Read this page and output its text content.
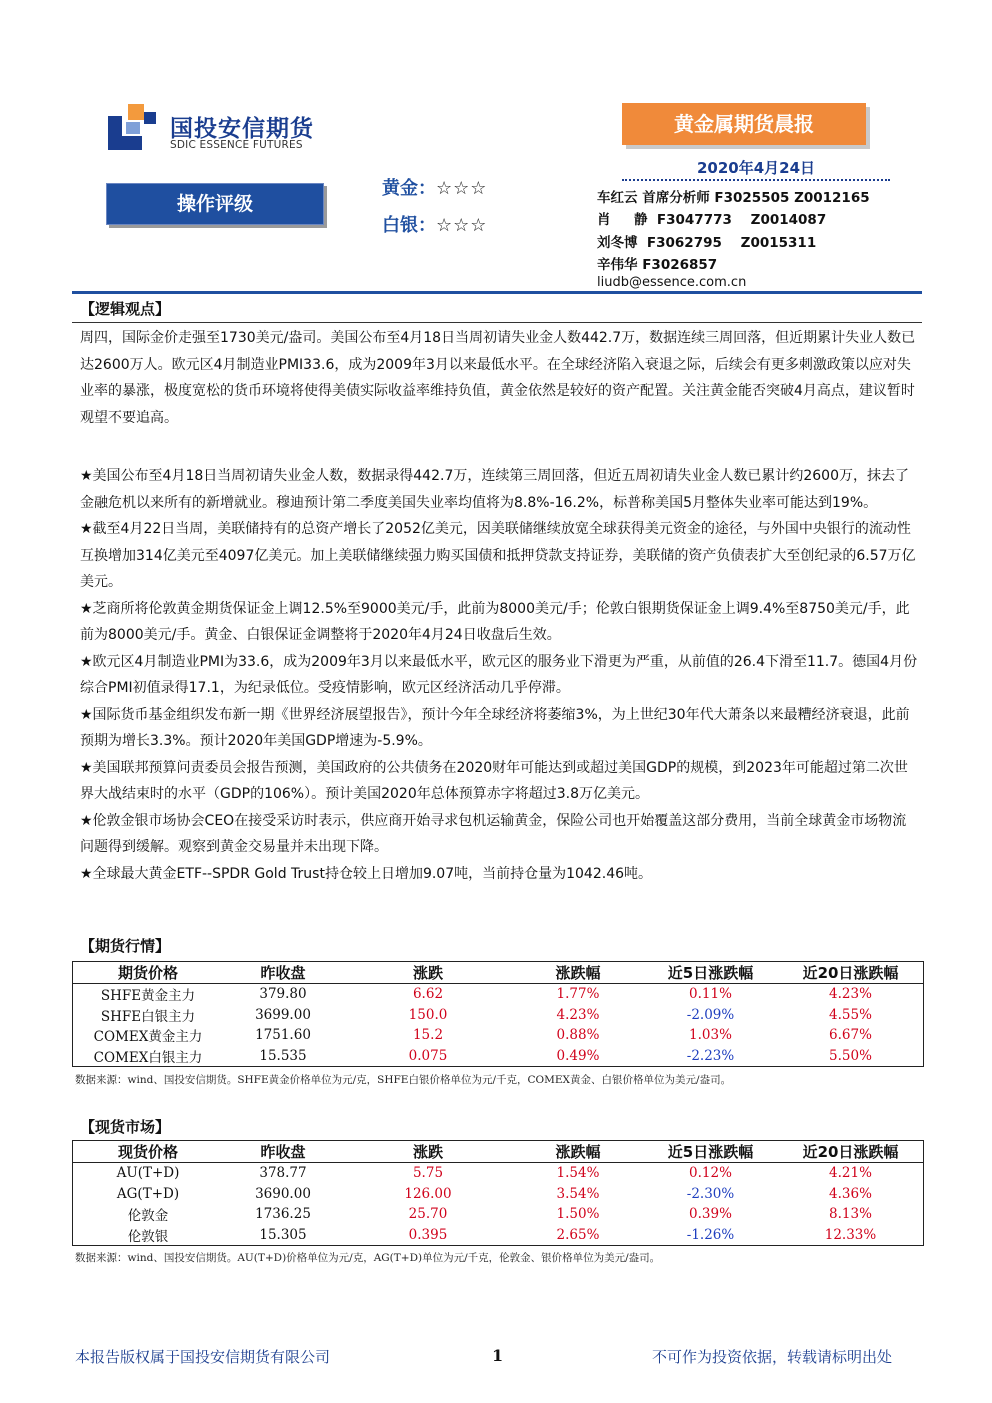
国投安信期货
SDIC ESSENCE FUTURES
黄金属期货晨报
2020年4月24日
操作评级
黄金：☆☆☆
白银：☆☆☆
车红云 首席分析师 F3025505 Z0012165
肖     静  F3047773    Z0014087
刘冬博  F3062795    Z0015311
辛伟华 F3026857
liudb@essence.com.cn
【逻辑观点】
周四，国际金价走强至1730美元/盎司。美国公布至4月18日当周初请失业金人数442.7万，数据连续三周回落，但近期累计失业人数已达2600万人。欧元区4月制造业PMI33.6，成为2009年3月以来最低水平。在全球经济陷入衰退之际，后续会有更多刺激政策以应对失业率的暴涨，极度宽松的货币环境将使得美债实际收益率维持负值，黄金依然是较好的资产配置。关注黄金能否突破4月高点，建议暂时观望不要追高。

★美国公布至4月18日当周初请失业金人数，数据录得442.7万，连续第三周回落，但近五周初请失业金人数已累计约2600万，抹去了金融危机以来所有的新增就业。穆迪预计第二季度美国失业率均值将为8.8%-16.2%，标普称美国5月整体失业率可能达到19%。

★截至4月22日当周，美联储持有的总资产增长了2052亿美元，因美联储继续放宽全球获得美元资金的途径，与外国中央银行的流动性互换增加314亿美元至4097亿美元。加上美联储继续强力购买国债和抵押贷款支持证券，美联储的资产负债表扩大至创纪录的6.57万亿美元。

★芝商所将伦敦黄金期货保证金上调12.5%至9000美元/手，此前为8000美元/手；伦敦白银期货保证金上调9.4%至8750美元/手，此前为8000美元/手。黄金、白银保证金调整将于2020年4月24日收盘后生效。

★欧元区4月制造业PMI为33.6，成为2009年3月以来最低水平，欧元区的服务业下滑更为严重，从前值的26.4下滑至11.7。德国4月份综合PMI初值录得17.1，为纪录低位。受疫情影响，欧元区经济活动几乎停滞。

★国际货币基金组织发布新一期《世界经济展望报告》，预计今年全球经济将萎缩3%，为上世纪30年代大萧条以来最糟经济衰退，此前预期为增长3.3%。预计2020年美国GDP增速为-5.9%。

★美国联邦预算问责委员会报告预测，美国政府的公共债务在2020财年可能达到或超过美国GDP的规模，到2023年可能超过第二次世界大战结束时的水平（GDP的106%）。预计美国2020年总体预算赤字将超过3.8万亿美元。

★伦敦金银市场协会CEO在接受采访时表示，供应商开始寻求包机运输黄金，保险公司也开始覆盖这部分费用，当前全球黄金市场物流问题得到缓解。观察到黄金交易量并未出现下降。

★全球最大黄金ETF--SPDR Gold Trust持仓较上日增加9.07吨，当前持仓量为1042.46吨。

【期货行情】
期货价格	昨收盘	涨跌	涨跌幅	近5日涨跌幅	近20日涨跌幅
SHFE黄金主力	379.80	6.62	1.77%	0.11%	4.23%
SHFE白银主力	3699.00	150.0	4.23%	-2.09%	4.55%
COMEX黄金主力	1751.60	15.2	0.88%	1.03%	6.67%
COMEX白银主力	15.535	0.075	0.49%	-2.23%	5.50%
数据来源：wind、国投安信期货。SHFE黄金价格单位为元/克，SHFE白银价格单位为元/千克，COMEX黄金、白银价格单位为美元/盎司。
【现货市场】
现货价格	昨收盘	涨跌	涨跌幅	近5日涨跌幅	近20日涨跌幅
AU(T+D)	378.77	5.75	1.54%	0.12%	4.21%
AG(T+D)	3690.00	126.00	3.54%	-2.30%	4.36%
伦敦金	1736.25	25.70	1.50%	0.39%	8.13%
伦敦银	15.305	0.395	2.65%	-1.26%	12.33%
数据来源：wind、国投安信期货。AU(T+D)价格单位为元/克，AG(T+D)单位为元/千克，伦敦金、银价格单位为美元/盎司。
本报告版权属于国投安信期货有限公司	1	不可作为投资依据，转载请标明出处
